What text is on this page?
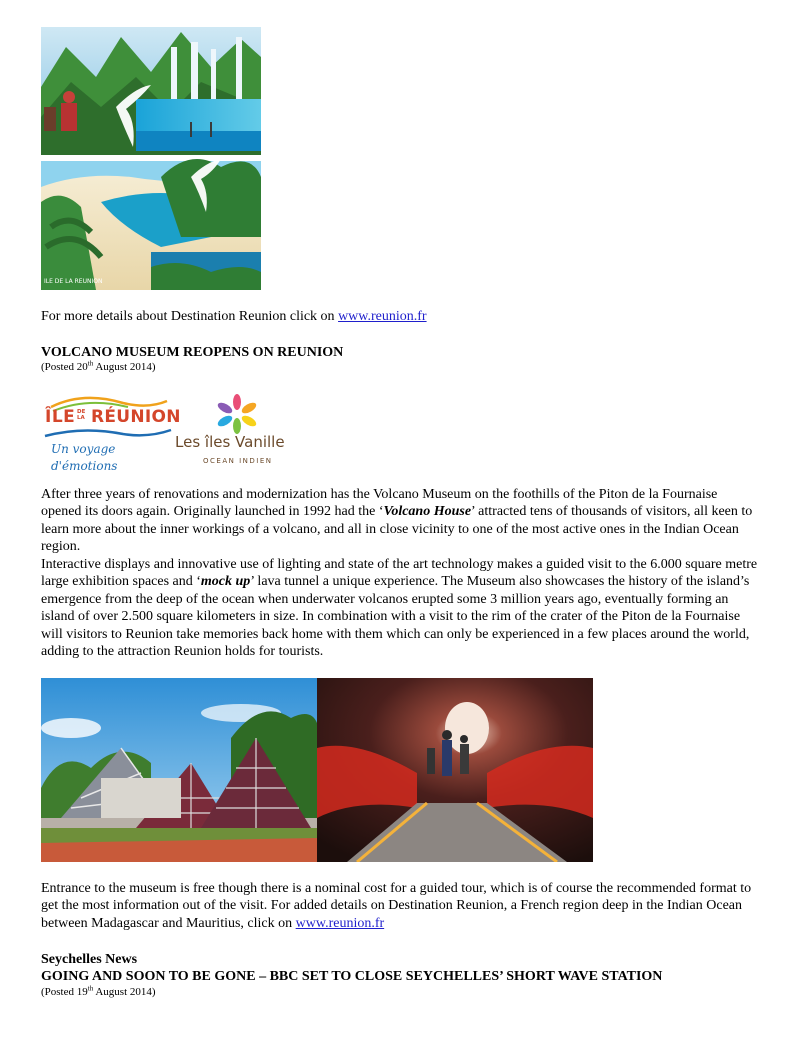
ILE DE LA REUNION
For more details about Destination Reunion click on www.reunion.fr
VOLCANO MUSEUM REOPENS ON REUNION
(Posted 20th August 2014)
ÎLE DE LA RÉUNION
Un voyage d'émotions
Les îles Vanille
OCEAN INDIEN
After three years of renovations and modernization has the Volcano Museum on the foothills of the Piton de la Fournaise opened its doors again. Originally launched in 1992 had the ‘Volcano House’ attracted tens of thousands of visitors, all keen to learn more about the inner workings of a volcano, and all in close vicinity to one of the most active ones in the Indian Ocean region.
Interactive displays and innovative use of lighting and state of the art technology makes a guided visit to the 6.000 square metre large exhibition spaces and ‘mock up’ lava tunnel a unique experience. The Museum also showcases the history of the island’s emergence from the deep of the ocean when underwater volcanos erupted some 3 million years ago, eventually forming an island of over 2.500 square kilometers in size. In combination with a visit to the rim of the crater of the Piton de la Fournaise will visitors to Reunion take memories back home with them which can only be experienced in a few places around the world, adding to the attraction Reunion holds for tourists.
Entrance to the museum is free though there is a nominal cost for a guided tour, which is of course the recommended format to get the most information out of the visit. For added details on Destination Reunion, a French region deep in the Indian Ocean between Madagascar and Mauritius, click on www.reunion.fr
Seychelles News
GOING AND SOON TO BE GONE – BBC SET TO CLOSE SEYCHELLES’ SHORT WAVE STATION
(Posted 19th August 2014)
